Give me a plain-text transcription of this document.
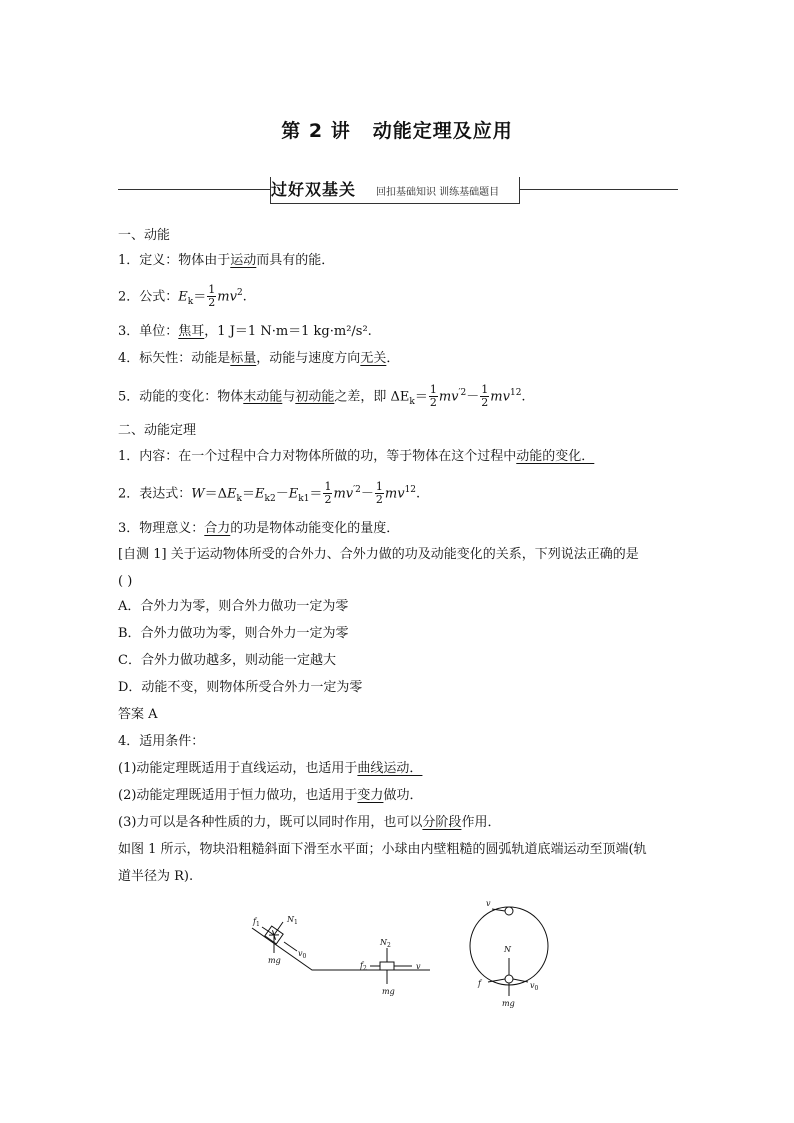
第 2 讲 动能定理及应用
过好双基关 回扣基础知识 训练基础题目
一、动能
1．定义：物体由于运动而具有的能．
2．公式：$E_k= \frac{1}{2} mv^2$.
3．单位：焦耳，1 J＝1 N·m＝1 kg·m²/s².
4．标矢性：动能是标量，动能与速度方向无关．
5．动能的变化：物体末动能与初动能之差，即 $\Delta E_k= \frac{1}{2} mv^{'2}- \frac{1}{2} mv^{12}$.
二、动能定理
1．内容：在一个过程中合力对物体所做的功，等于物体在这个过程中动能的变化．
2．表达式：$W=\Delta E_k=E_{k2}-E_{k1}= \frac{1}{2} mv^{'2}- \frac{1}{2} mv^{12}$.
3．物理意义：合力的功是物体动能变化的量度．
[自测 1] 关于运动物体所受的合外力、合外力做的功及动能变化的关系，下列说法正确的是
( )
A．合外力为零，则合外力做功一定为零
B．合外力做功为零，则合外力一定为零
C．合外力做功越多，则动能一定越大
D．动能不变，则物体所受合外力一定为零
答案 A
4．适用条件：
(1)动能定理既适用于直线运动，也适用于曲线运动．
(2)动能定理既适用于恒力做功，也适用于变力做功．
(3)力可以是各种性质的力，既可以同时作用，也可以分阶段作用．
如图 1 所示，物块沿粗糙斜面下滑至水平面；小球由内壁粗糙的圆弧轨道底端运动至顶端(轨
道半径为 R).
$f_1$
$N_1$
$v_0$
mg
$N_2$
$f_2$	v
mg
v
N
f	$v_0$
mg
